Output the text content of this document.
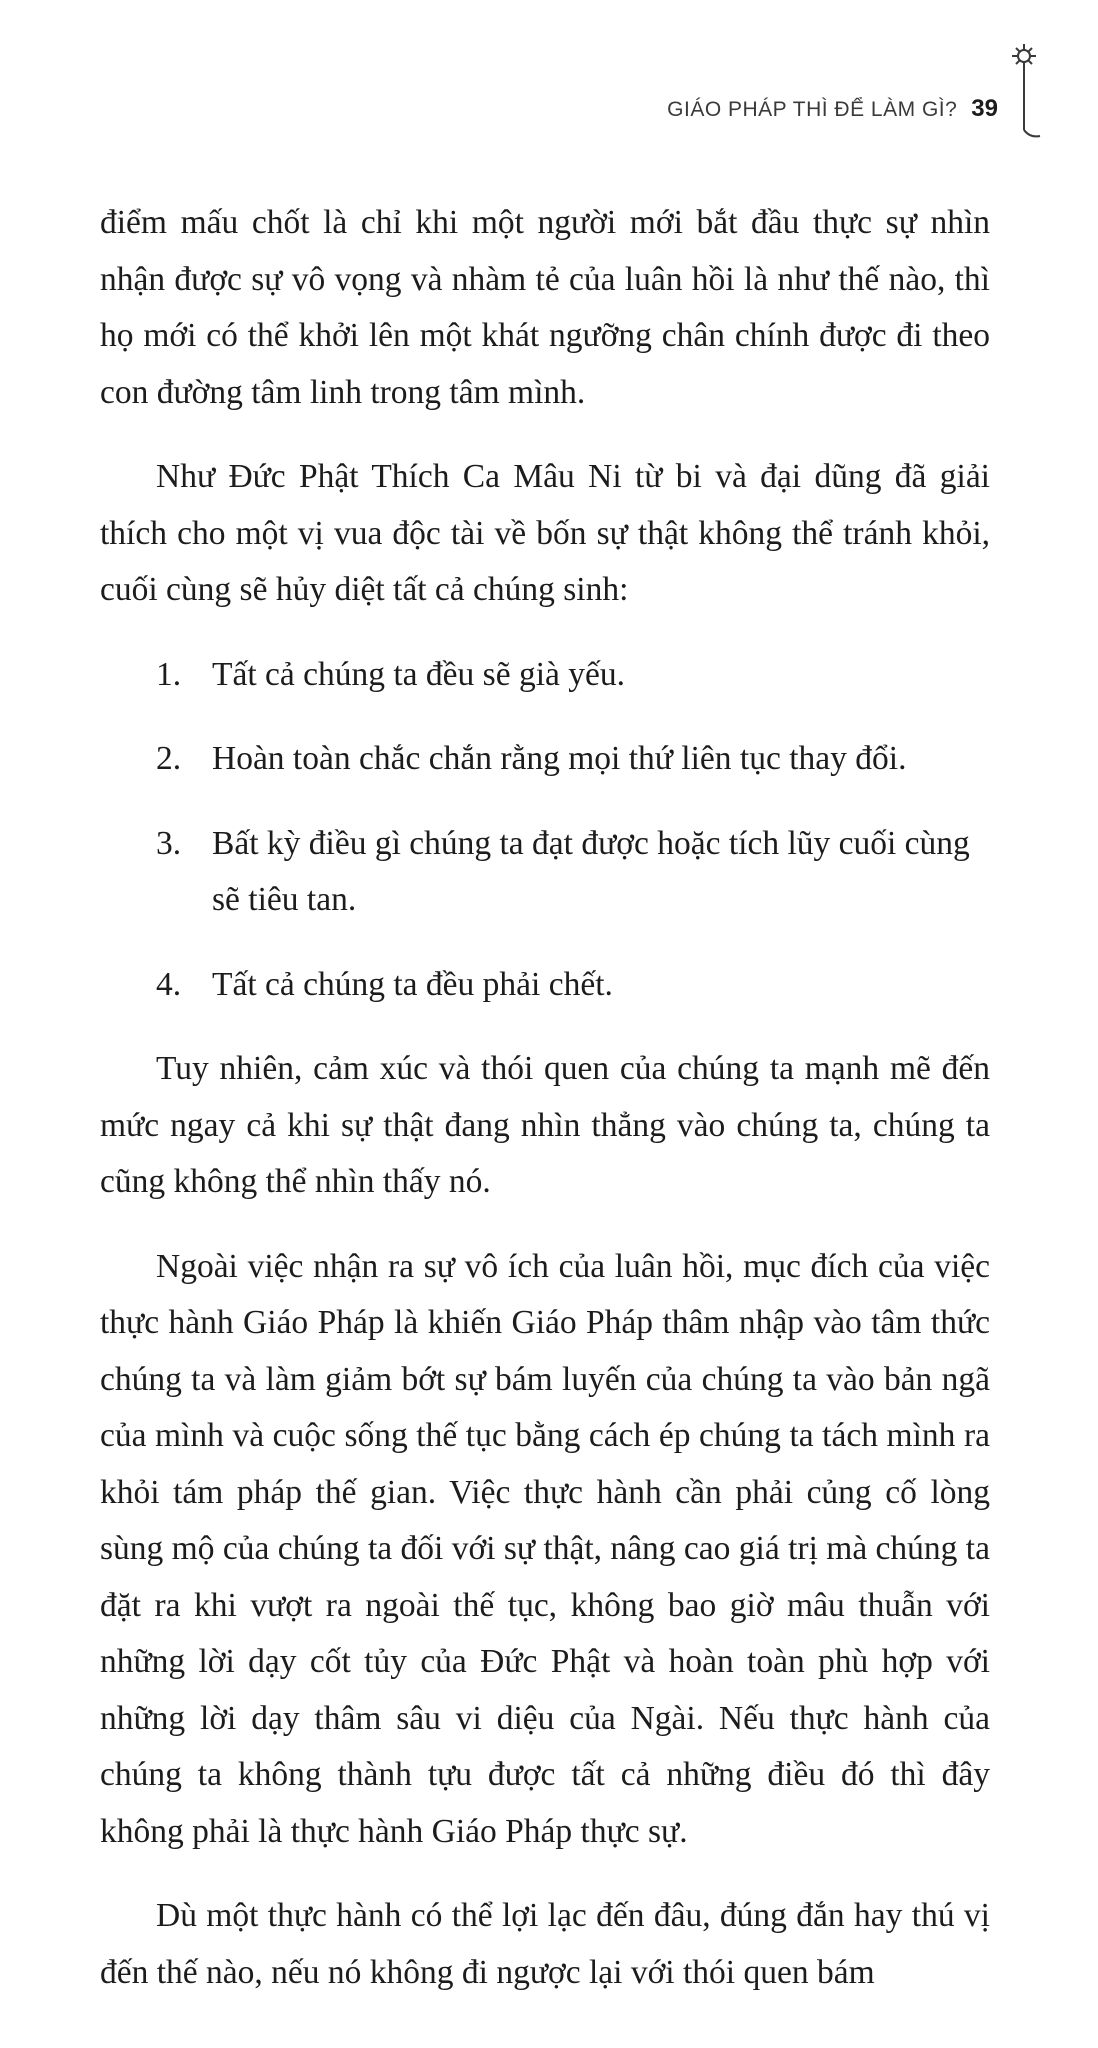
GIÁO PHÁP THÌ ĐỂ LÀM GÌ? 39

điểm mấu chốt là chỉ khi một người mới bắt đầu thực sự nhìn nhận được sự vô vọng và nhàm tẻ của luân hồi là như thế nào, thì họ mới có thể khởi lên một khát ngưỡng chân chính được đi theo con đường tâm linh trong tâm mình.

Như Đức Phật Thích Ca Mâu Ni từ bi và đại dũng đã giải thích cho một vị vua độc tài về bốn sự thật không thể tránh khỏi, cuối cùng sẽ hủy diệt tất cả chúng sinh:

1. Tất cả chúng ta đều sẽ già yếu.
2. Hoàn toàn chắc chắn rằng mọi thứ liên tục thay đổi.
3. Bất kỳ điều gì chúng ta đạt được hoặc tích lũy cuối cùng sẽ tiêu tan.
4. Tất cả chúng ta đều phải chết.

Tuy nhiên, cảm xúc và thói quen của chúng ta mạnh mẽ đến mức ngay cả khi sự thật đang nhìn thẳng vào chúng ta, chúng ta cũng không thể nhìn thấy nó.

Ngoài việc nhận ra sự vô ích của luân hồi, mục đích của việc thực hành Giáo Pháp là khiến Giáo Pháp thâm nhập vào tâm thức chúng ta và làm giảm bớt sự bám luyến của chúng ta vào bản ngã của mình và cuộc sống thế tục bằng cách ép chúng ta tách mình ra khỏi tám pháp thế gian. Việc thực hành cần phải củng cố lòng sùng mộ của chúng ta đối với sự thật, nâng cao giá trị mà chúng ta đặt ra khi vượt ra ngoài thế tục, không bao giờ mâu thuẫn với những lời dạy cốt tủy của Đức Phật và hoàn toàn phù hợp với những lời dạy thâm sâu vi diệu của Ngài. Nếu thực hành của chúng ta không thành tựu được tất cả những điều đó thì đây không phải là thực hành Giáo Pháp thực sự.

Dù một thực hành có thể lợi lạc đến đâu, đúng đắn hay thú vị đến thế nào, nếu nó không đi ngược lại với thói quen bám
